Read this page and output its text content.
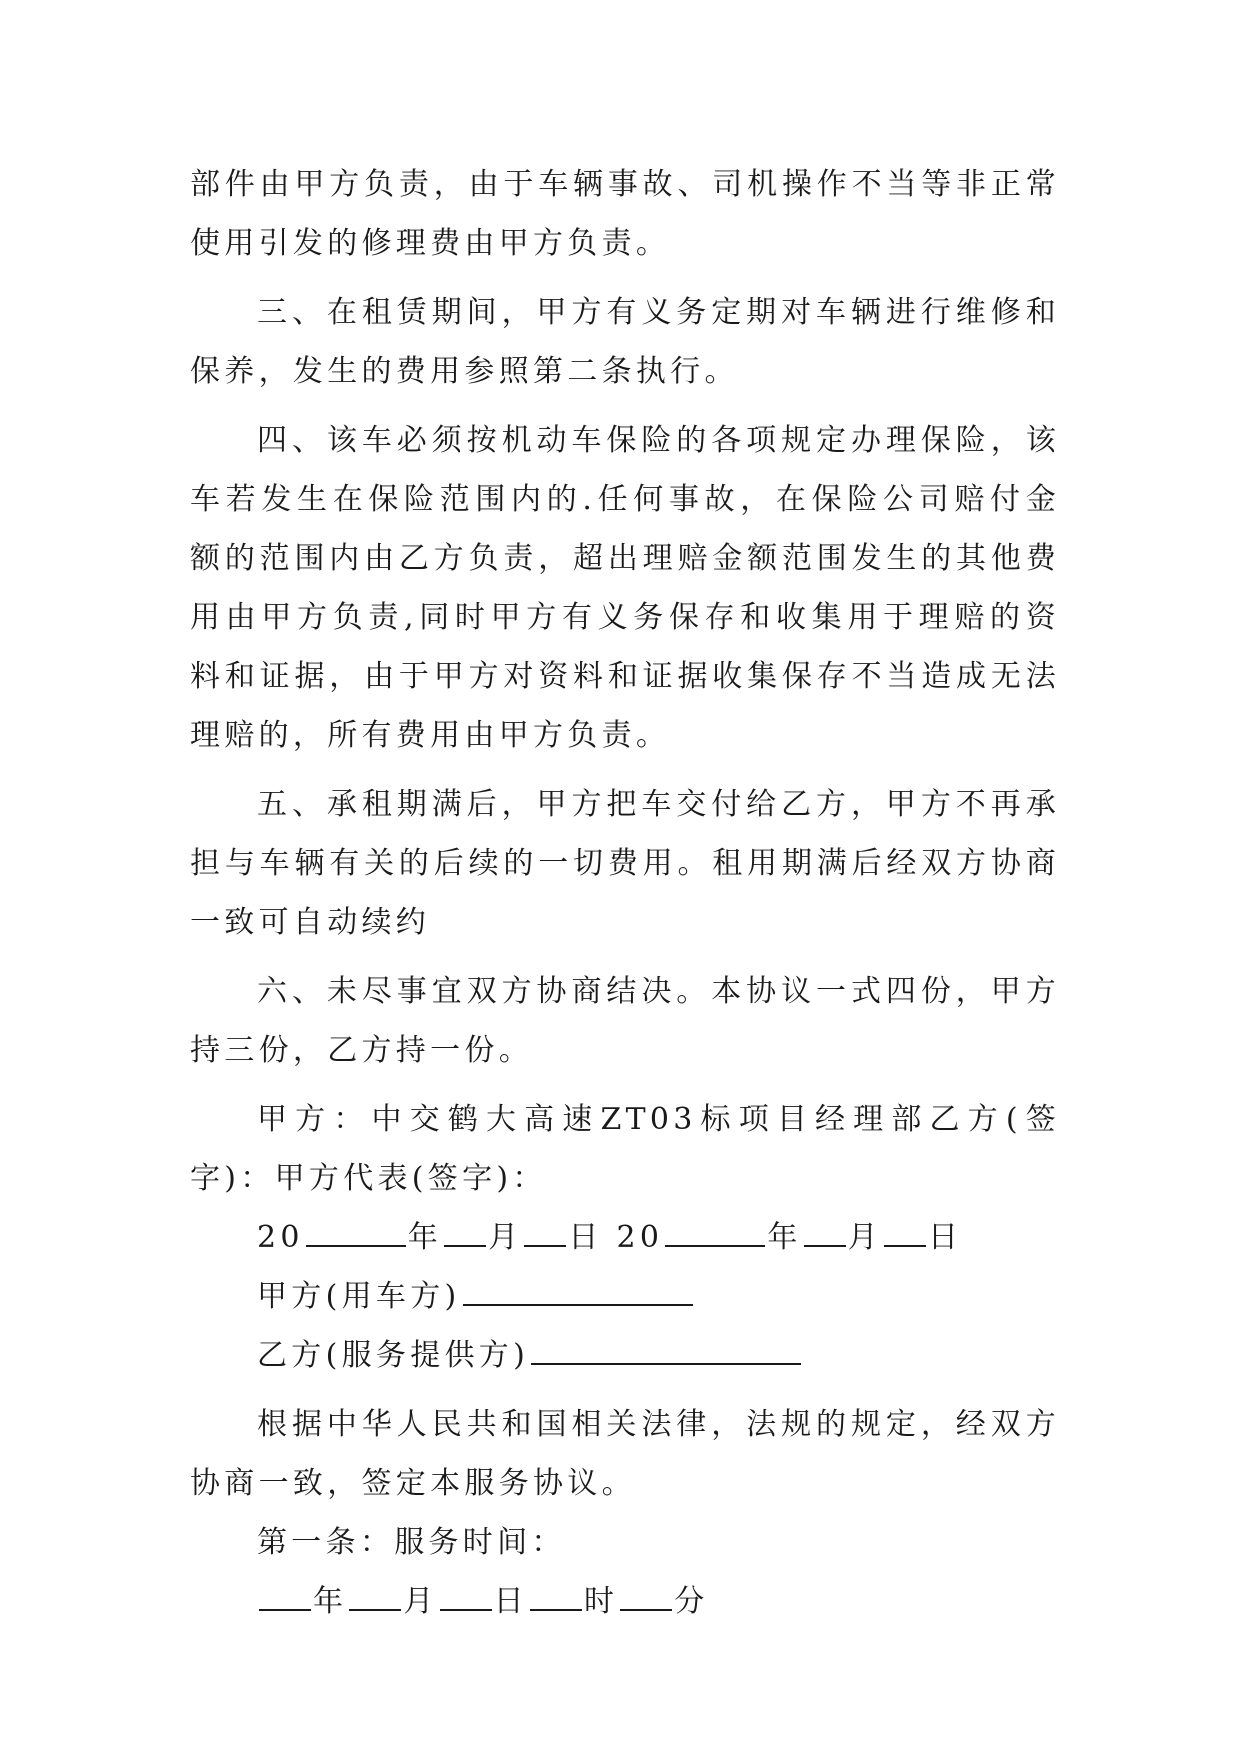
部件由甲方负责，由于车辆事故、司机操作不当等非正常使用引发的修理费由甲方负责。

三、在租赁期间，甲方有义务定期对车辆进行维修和保养，发生的费用参照第二条执行。

四、该车必须按机动车保险的各项规定办理保险，该车若发生在保险范围内的.任何事故，在保险公司赔付金额的范围内由乙方负责，超出理赔金额范围发生的其他费用由甲方负责,同时甲方有义务保存和收集用于理赔的资料和证据，由于甲方对资料和证据收集保存不当造成无法理赔的，所有费用由甲方负责。

五、承租期满后，甲方把车交付给乙方，甲方不再承担与车辆有关的后续的一切费用。租用期满后经双方协商一致可自动续约

六、未尽事宜双方协商结决。本协议一式四份，甲方持三份，乙方持一份。

甲方：中交鹤大高速ZT03标项目经理部乙方(签字)：甲方代表(签字)：

20	年 月 日 20	年 月 日
甲方(用车方)
乙方(服务提供方)

根据中华人民共和国相关法律，法规的规定，经双方协商一致，签定本服务协议。

第一条：服务时间：
年 月 日 时 分
